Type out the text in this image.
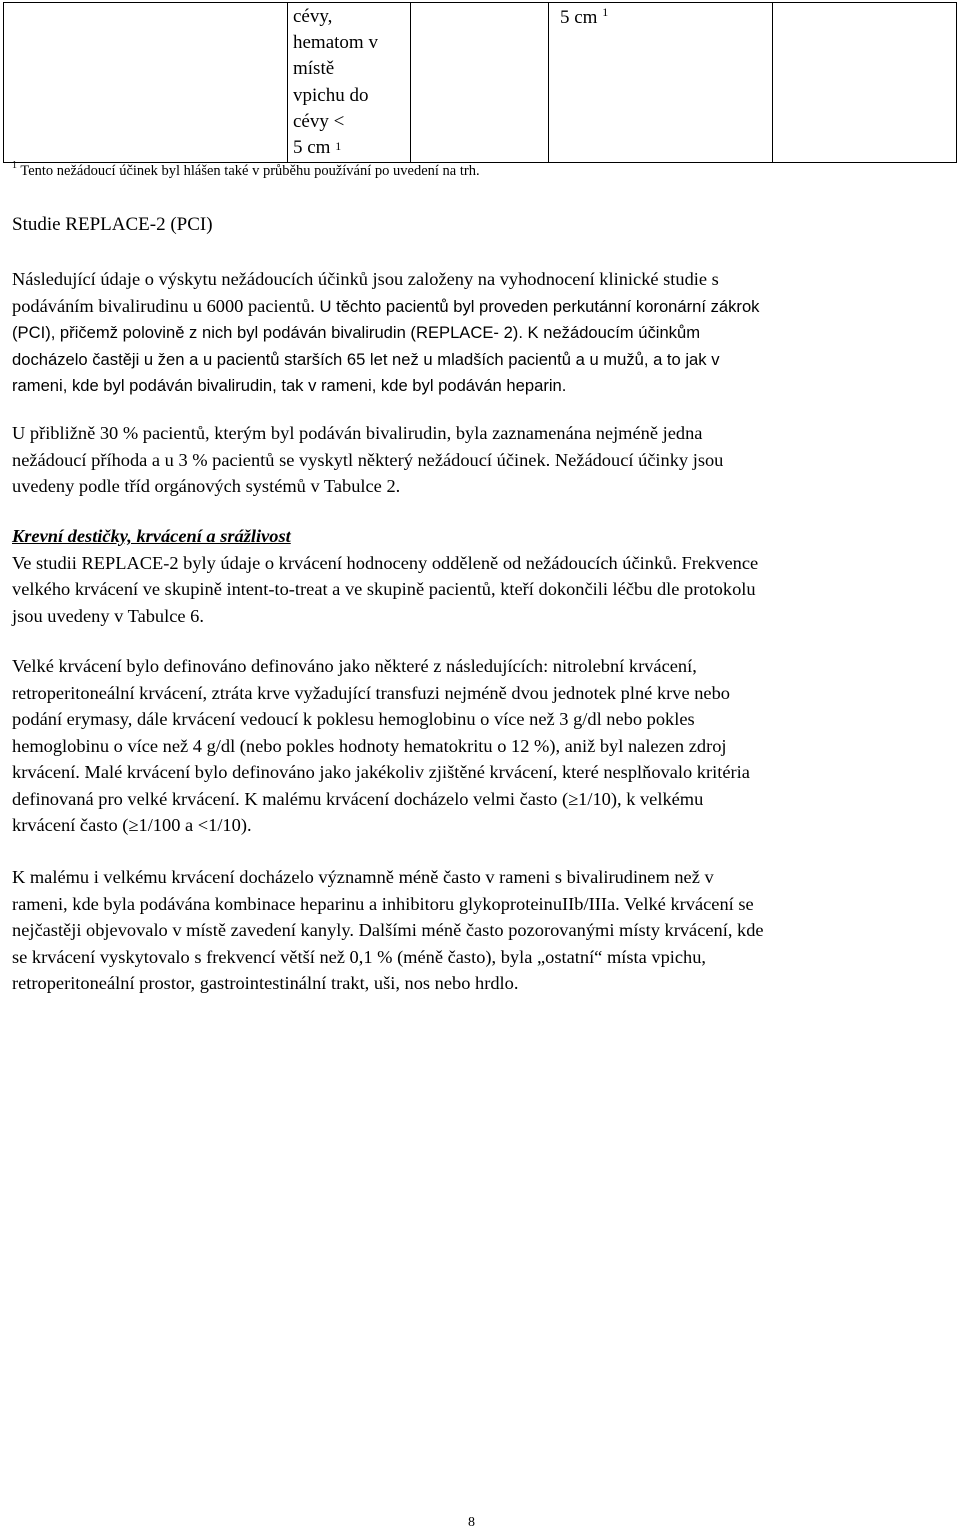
cévy,
hematom v
místě
vpichu do
cévy <
5 cm $^1$
5 cm $^1$
$^1$ Tento nežádoucí účinek byl hlášen také v průběhu používání po uvedení na trh.
Studie REPLACE-2 (PCI)
Následující údaje o výskytu nežádoucích účinků jsou založeny na vyhodnocení klinické studie s
podáváním bivalirudinu u 6000 pacientů. U těchto pacientů byl proveden perkutánní koronární zákrok
(PCI), přičemž polovině z nich byl podáván bivalirudin (REPLACE- 2). K nežádoucím účinkům
docházelo častěji u žen a u pacientů starších 65 let než u mladších pacientů a u mužů, a to jak v
rameni, kde byl podáván bivalirudin, tak v rameni, kde byl podáván heparin.
U přibližně 30 % pacientů, kterým byl podáván bivalirudin, byla zaznamenána nejméně jedna
nežádoucí příhoda a u 3 % pacientů se vyskytl některý nežádoucí účinek. Nežádoucí účinky jsou
uvedeny podle tříd orgánových systémů v Tabulce 2.
Krevní destičky, krvácení a srážlivost
Ve studii REPLACE-2 byly údaje o krvácení hodnoceny odděleně od nežádoucích účinků. Frekvence
velkého krvácení ve skupině intent-to-treat a ve skupině pacientů, kteří dokončili léčbu dle protokolu
jsou uvedeny v Tabulce 6.
Velké krvácení bylo definováno definováno jako některé z následujících: nitrolební krvácení,
retroperitoneální krvácení, ztráta krve vyžadující transfuzi nejméně dvou jednotek plné krve nebo
podání erymasy, dále krvácení vedoucí k poklesu hemoglobinu o více než 3 g/dl nebo pokles
hemoglobinu o více než 4 g/dl (nebo pokles hodnoty hematokritu o 12 %), aniž byl nalezen zdroj
krvácení. Malé krvácení bylo definováno jako jakékoliv zjištěné krvácení, které nesplňovalo kritéria
definovaná pro velké krvácení. K malému krvácení docházelo velmi často (≥1/10), k velkému
krvácení často (≥1/100 a <1/10).
K malému i velkému krvácení docházelo významně méně často v rameni s bivalirudinem než v
rameni, kde byla podávána kombinace heparinu a inhibitoru glykoproteinuIIb/IIIa. Velké krvácení se
nejčastěji objevovalo v místě zavedení kanyly. Dalšími méně často pozorovanými místy krvácení, kde
se krvácení vyskytovalo s frekvencí větší než 0,1 % (méně často), byla „ostatní“ místa vpichu,
retroperitoneální prostor, gastrointestinální trakt, uši, nos nebo hrdlo.
8
